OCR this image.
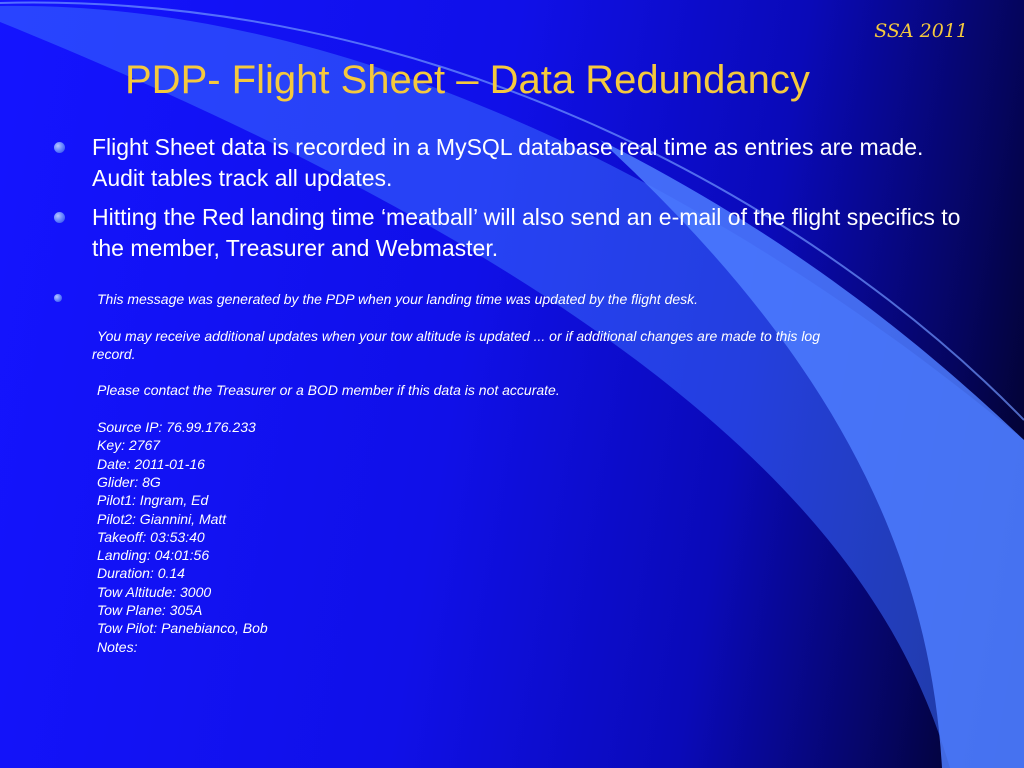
SSA 2011
PDP- Flight Sheet – Data Redundancy
Flight Sheet data is recorded in a MySQL database real time as entries are made. Audit tables track all updates.
Hitting the Red landing time ‘meatball’ will also send an e-mail of the flight specifics to the member, Treasurer and Webmaster.

This message was generated by the PDP when your landing time was updated by the flight desk.

You may receive additional updates when your tow altitude is updated ... or if additional changes are made to this log

record.

Please contact the Treasurer or a BOD member if this data is not accurate.

Source IP: 76.99.176.233

Key: 2767

Date: 2011-01-16

Glider: 8G

Pilot1: Ingram, Ed

Pilot2: Giannini, Matt

Takeoff: 03:53:40

Landing: 04:01:56

Duration: 0.14

Tow Altitude: 3000

Tow Plane: 305A

Tow Pilot: Panebianco, Bob

Notes:
